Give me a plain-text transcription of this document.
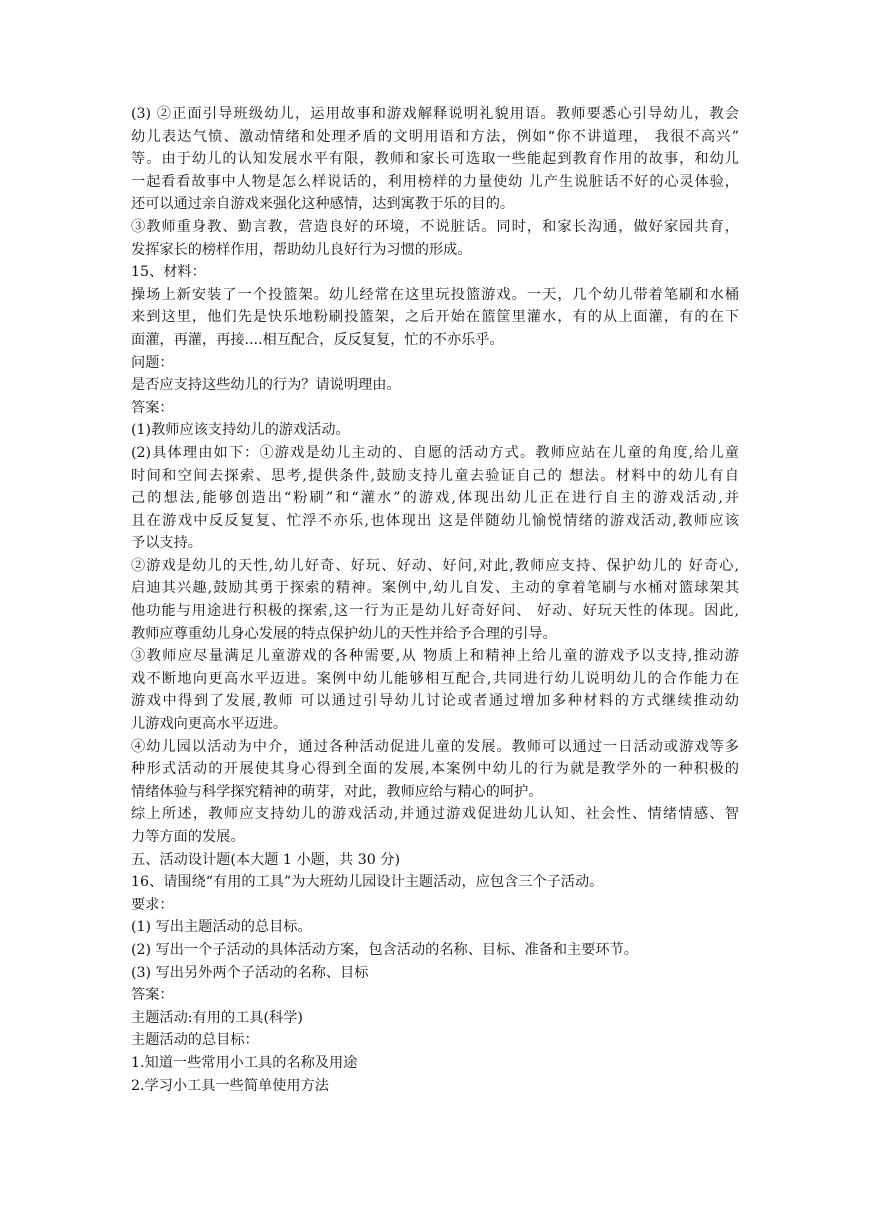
(3) ②正面引导班级幼儿，运用故事和游戏解释说明礼貌用语。教师要悉心引导幼儿，教会
幼儿表达气愤、激动情绪和处理矛盾的文明用语和方法，例如“你不讲道理， 我很不高兴”
等。由于幼儿的认知发展水平有限，教师和家长可选取一些能起到教育作用的故事，和幼儿
一起看看故事中人物是怎么样说话的，利用榜样的力量使幼 儿产生说脏话不好的心灵体验，
还可以通过亲自游戏来强化这种感情，达到寓教于乐的目的。
③教师重身教、勤言教，营造良好的环境，不说脏话。同时，和家长沟通，做好家园共育，
发挥家长的榜样作用，帮助幼儿良好行为习惯的形成。
15、材料：
操场上新安装了一个投篮架。幼儿经常在这里玩投篮游戏。一天，几个幼儿带着笔刷和水桶
来到这里，他们先是快乐地粉刷投篮架，之后开始在篮筐里灌水，有的从上面灌，有的在下
面灌，再灌，再接....相互配合，反反复复，忙的不亦乐乎。
问题：
是否应支持这些幼儿的行为？请说明理由。
答案：
(1)教师应该支持幼儿的游戏活动。
(2)具体理由如下：①游戏是幼儿主动的、自愿的活动方式。教师应站在儿童的角度,给儿童
时间和空间去探索、思考,提供条件,鼓励支持儿童去验证自己的 想法。材料中的幼儿有自
己的想法,能够创造出“粉刷”和“灌水”的游戏,体现出幼儿正在进行自主的游戏活动,并
且在游戏中反反复复、忙浮不亦乐,也体现出 这是伴随幼儿愉悦情绪的游戏活动,教师应该
予以支持。
②游戏是幼儿的天性,幼儿好奇、好玩、好动、好问,对此,教师应支持、保护幼儿的 好奇心,
启迪其兴趣,鼓励其勇于探索的精神。案例中,幼儿自发、主动的拿着笔刷与水桶对篮球架其
他功能与用途进行积极的探索,这一行为正是幼儿好奇好问、 好动、好玩天性的体现。因此,
教师应尊重幼儿身心发展的特点保护幼儿的天性并给予合理的引导。
③教师应尽量满足儿童游戏的各种需要,从 物质上和精神上给儿童的游戏予以支持,推动游
戏不断地向更高水平迈进。案例中幼儿能够相互配合,共同进行幼儿说明幼儿的合作能力在
游戏中得到了发展,教师 可以通过引导幼儿讨论或者通过增加多种材料的方式继续推动幼
儿游戏向更高水平迈进。
④幼儿园以活动为中介，通过各种活动促进儿童的发展。教师可以通过一日活动或游戏等多
种形式活动的开展使其身心得到全面的发展,本案例中幼儿的行为就是教学外的一种积极的
情绪体验与科学探究精神的萌芽，对此，教师应给与精心的呵护。
综上所述，教师应支持幼儿的游戏活动,并通过游戏促进幼儿认知、社会性、情绪情感、智
力等方面的发展。
五、活动设计题(本大题 1 小题，共 30 分)
16、请围绕“有用的工具”为大班幼儿园设计主题活动，应包含三个子活动。
要求：
(1) 写出主题活动的总目标。
(2) 写出一个子活动的具体活动方案，包含活动的名称、目标、准备和主要环节。
(3) 写出另外两个子活动的名称、目标
答案：
主题活动:有用的工具(科学)
主题活动的总目标：
1.知道一些常用小工具的名称及用途
2.学习小工具一些简单使用方法
